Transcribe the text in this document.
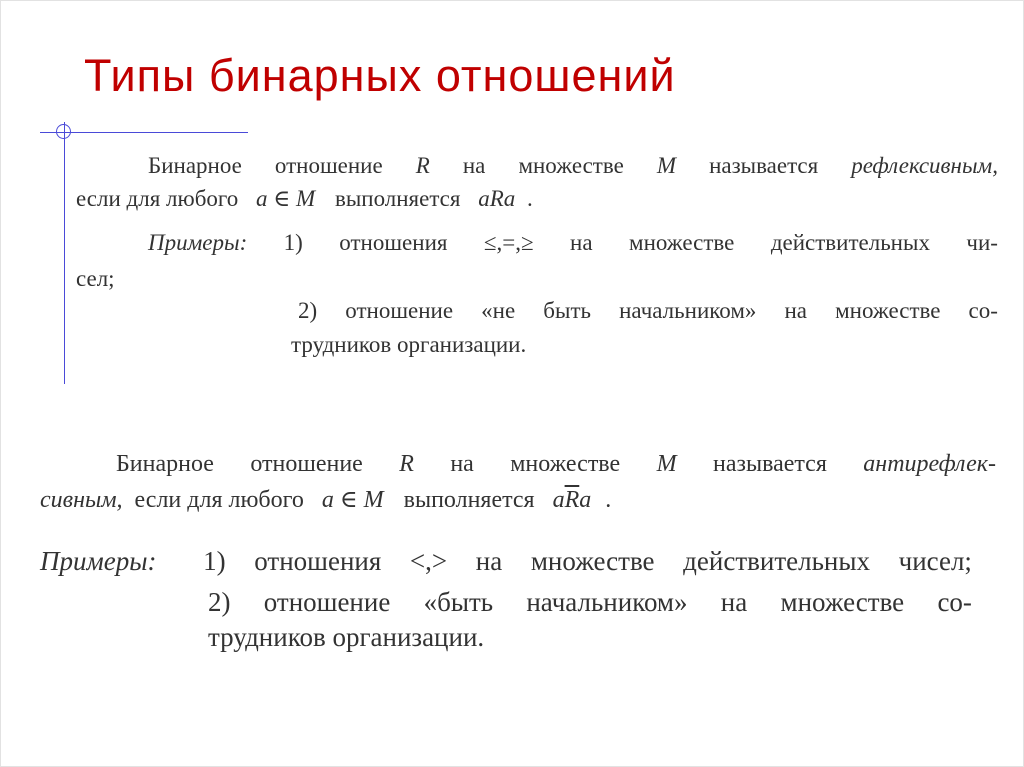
Типы бинарных отношений
Бинарное отношение R на множестве M называется рефлексивным,
если для любого a ∈ M выполняется aRa .
Примеры: 1) отношения ≤,=,≥ на множестве действительных чи-
сел;
2) отношение «не быть начальником» на множестве со-
трудников организации.
Бинарное отношение R на множестве M называется антирефлек-
сивным, если для любого a ∈ M выполняется $a\overline{R}a$ .
Примеры: 1) отношения <,> на множестве действительных чисел;
2) отношение «быть начальником» на множестве со-
трудников организации.
